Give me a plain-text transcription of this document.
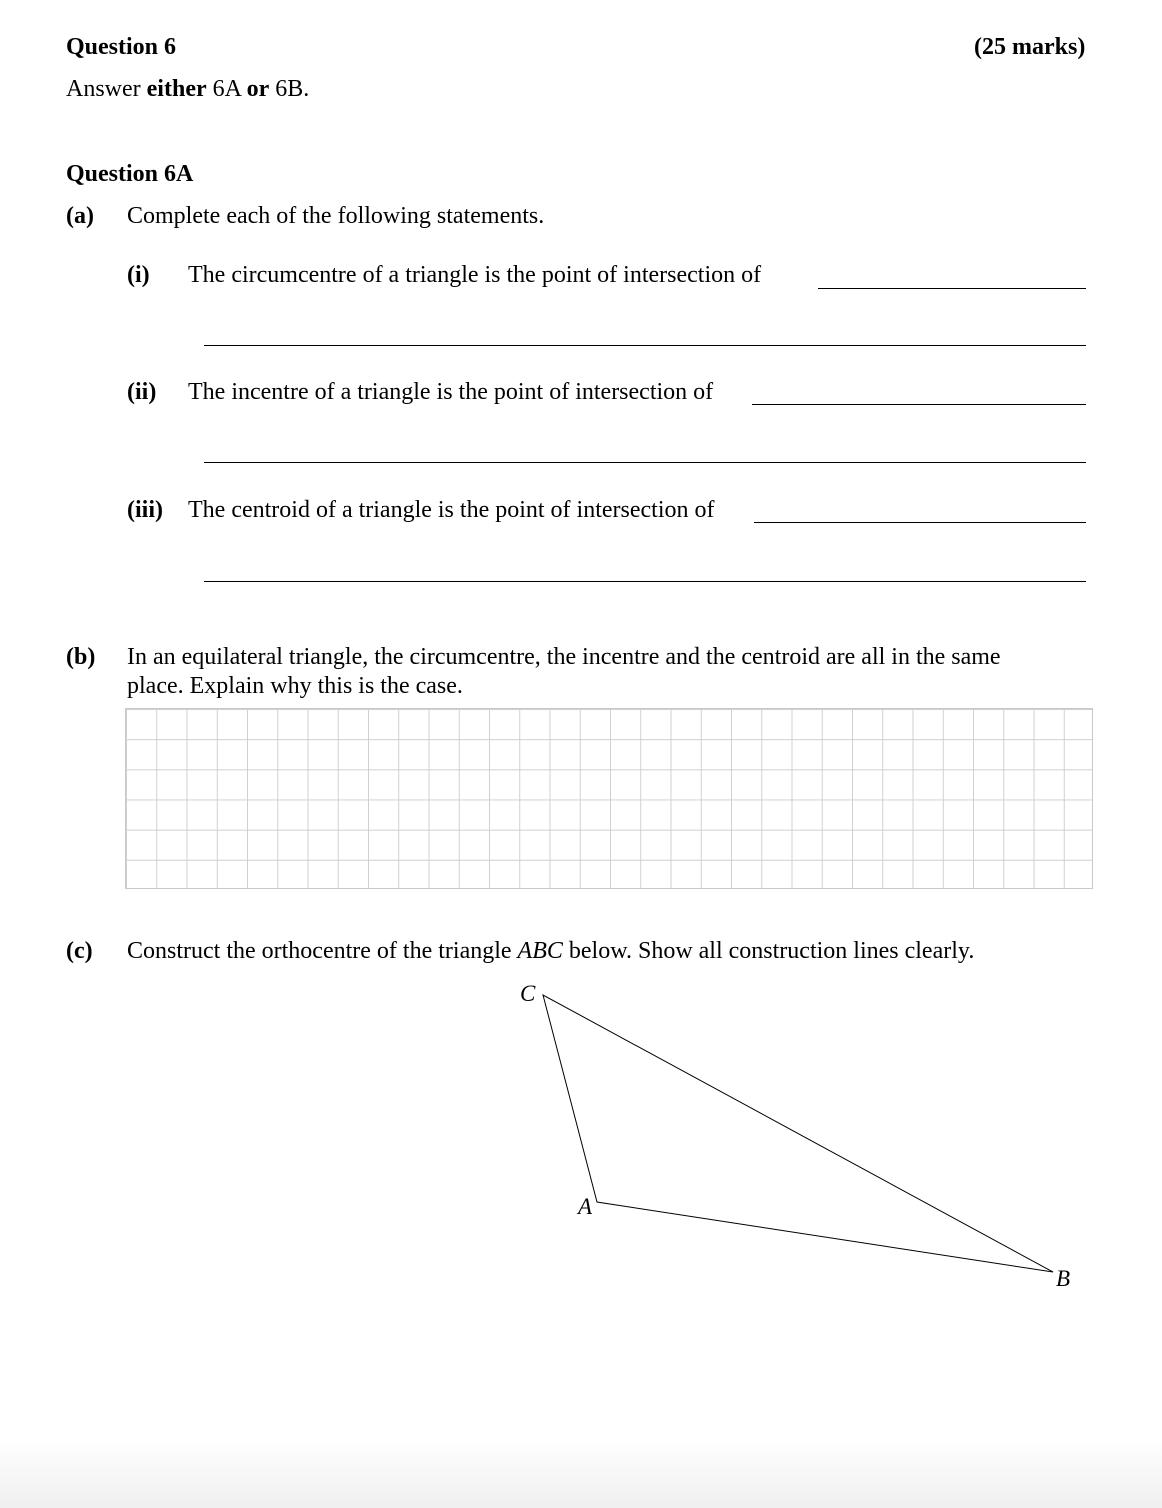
Question 6	(25 marks)
Answer either 6A or 6B.
Question 6A
(a) Complete each of the following statements.
(i) The circumcentre of a triangle is the point of intersection of
(ii) The incentre of a triangle is the point of intersection of
(iii) The centroid of a triangle is the point of intersection of
(b) In an equilateral triangle, the circumcentre, the incentre and the centroid are all in the same
place. Explain why this is the case.
(c) Construct the orthocentre of the triangle ABC below. Show all construction lines clearly.
C
A
B
